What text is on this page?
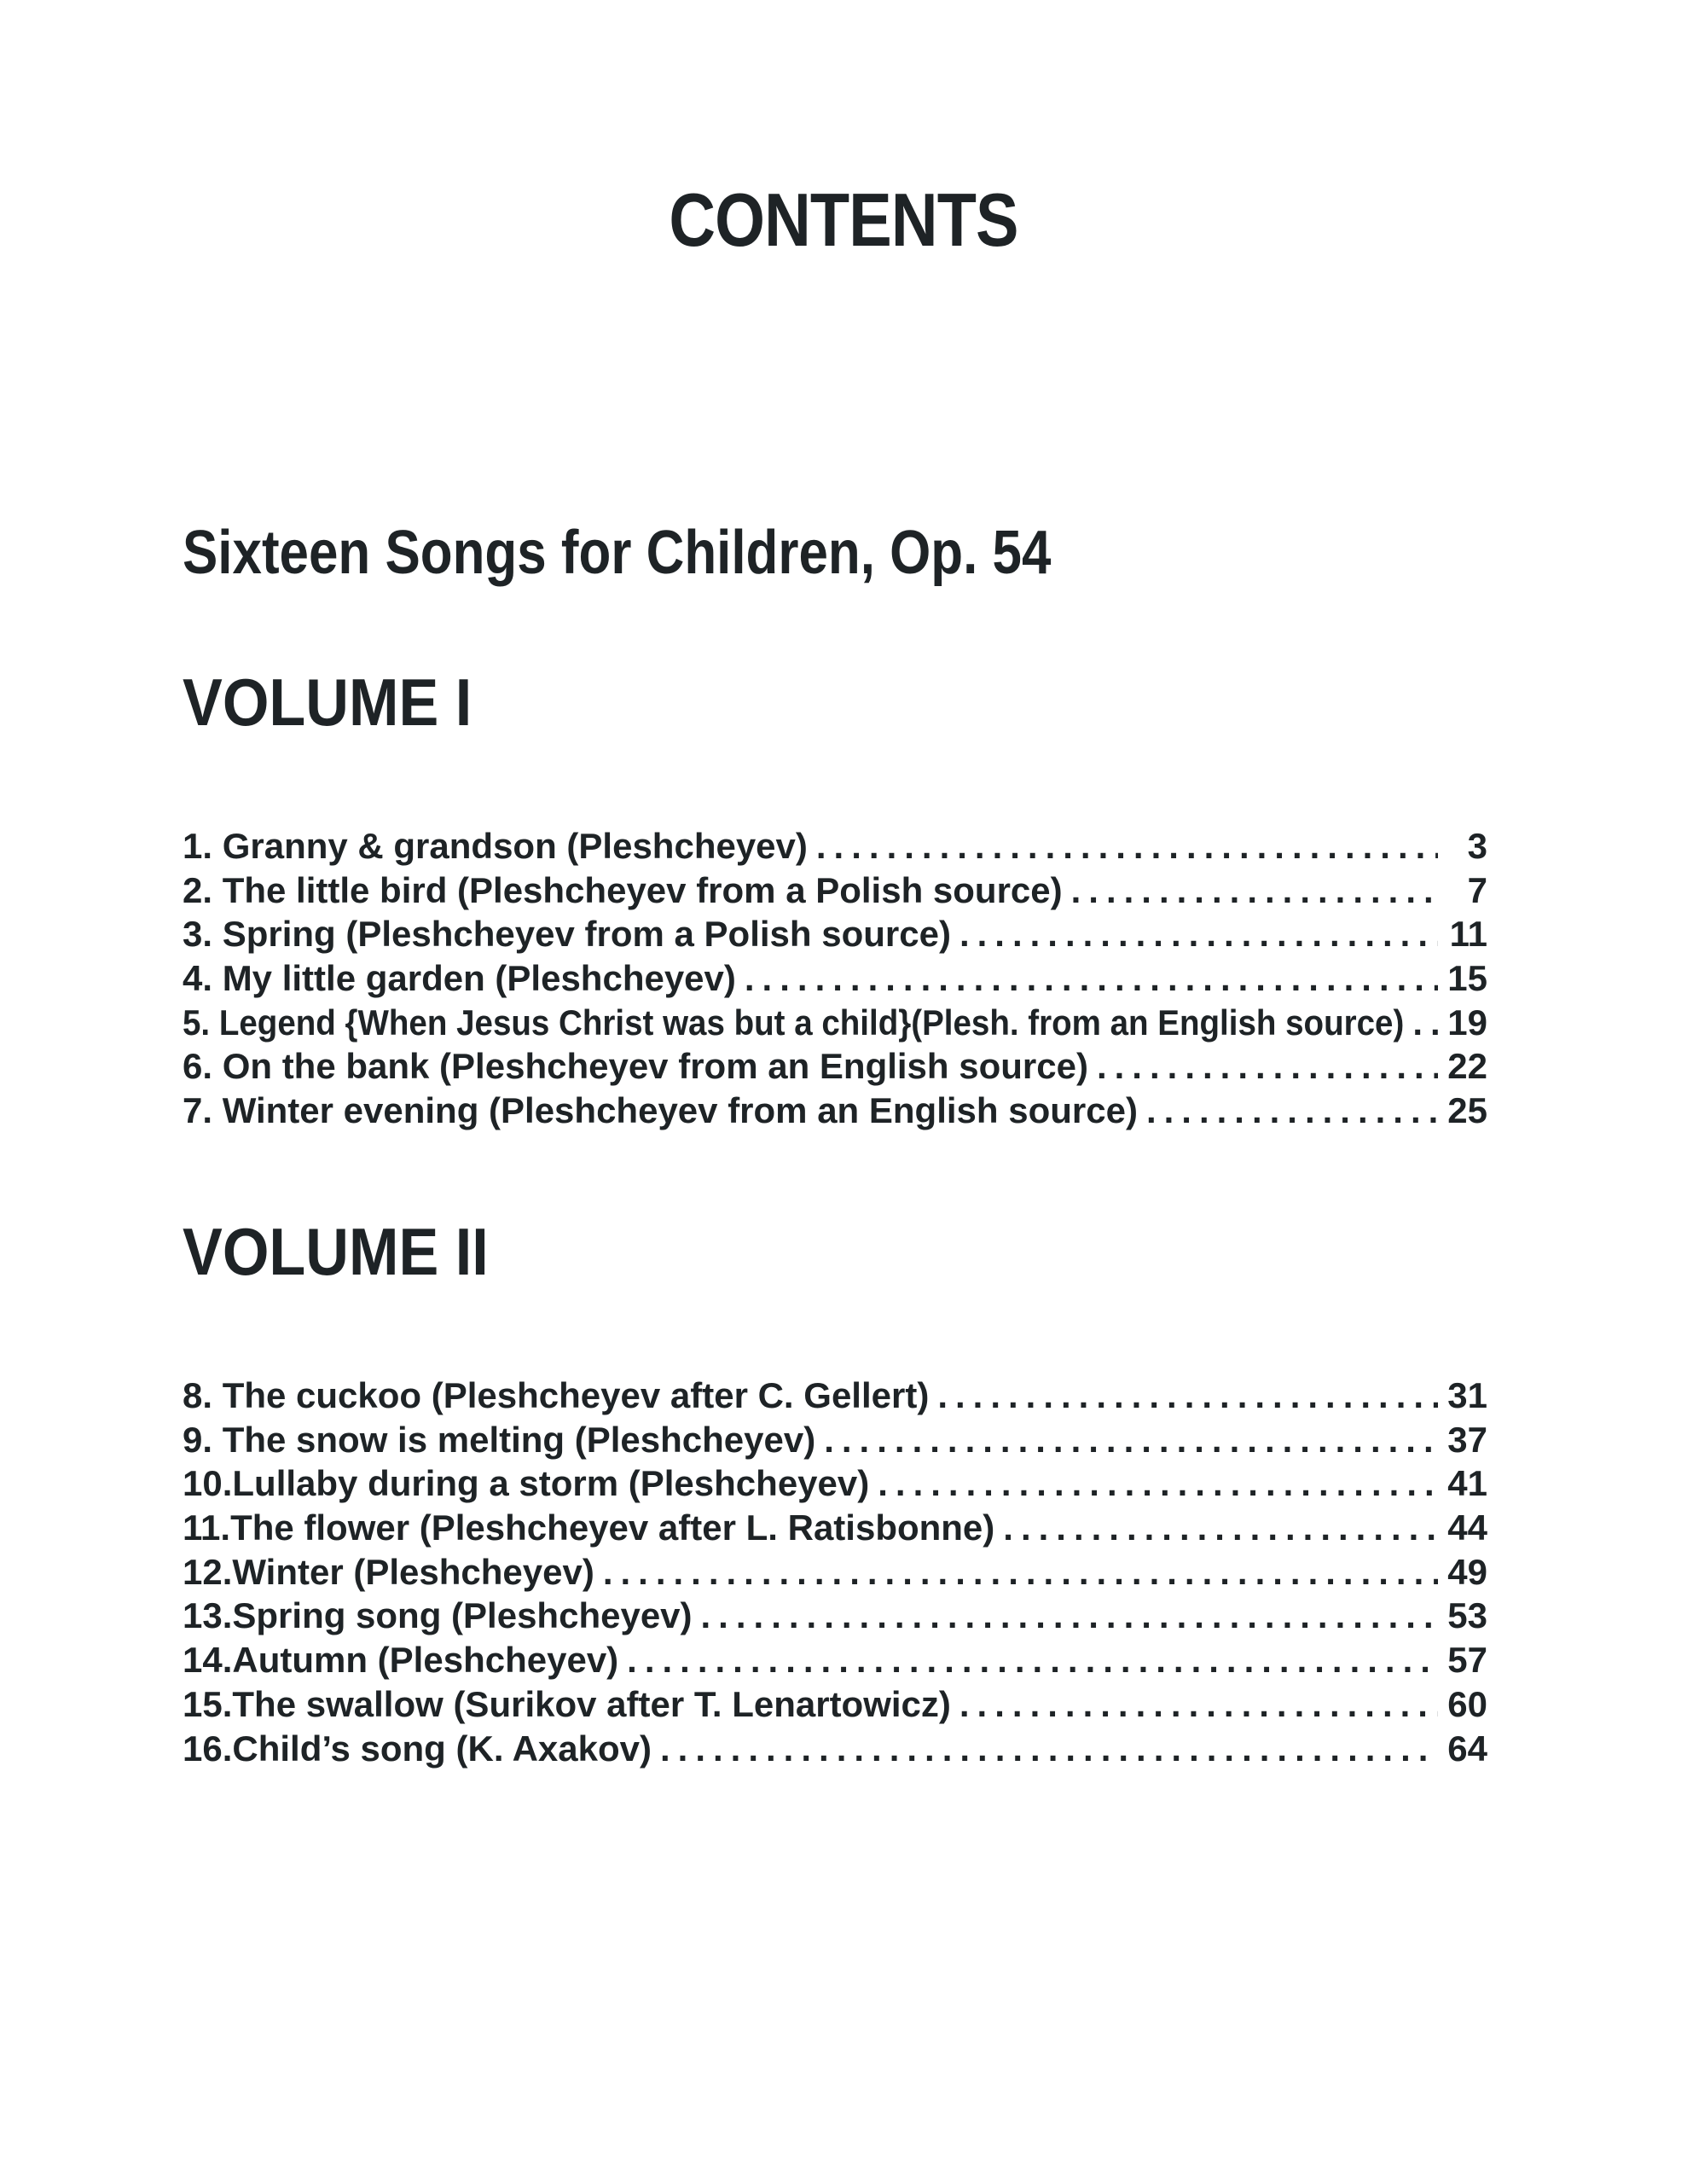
CONTENTS
Sixteen Songs for Children, Op. 54
VOLUME I
1. Granny & grandson (Pleshcheyev) .....	3
2. The little bird (Pleshcheyev from a Polish source) .....	7
3. Spring (Pleshcheyev from a Polish source) .....	11
4. My little garden (Pleshcheyev) .....	15
5. Legend {When Jesus Christ was but a child}(Plesh. from an English source) ..... 19
6. On the bank (Pleshcheyev from an English source) .....	22
7. Winter evening (Pleshcheyev from an English source) .....	25
VOLUME II
8. The cuckoo (Pleshcheyev after C. Gellert) .....	31
9. The snow is melting (Pleshcheyev) .....	37
10.Lullaby during a storm (Pleshcheyev) .....	41
11.The flower (Pleshcheyev after L. Ratisbonne) .....	44
12.Winter (Pleshcheyev) .....	49
13.Spring song (Pleshcheyev) .....	53
14.Autumn (Pleshcheyev) .....	57
15.The swallow (Surikov after T. Lenartowicz) .....	60
16.Child’s song (K. Axakov) .....	64
